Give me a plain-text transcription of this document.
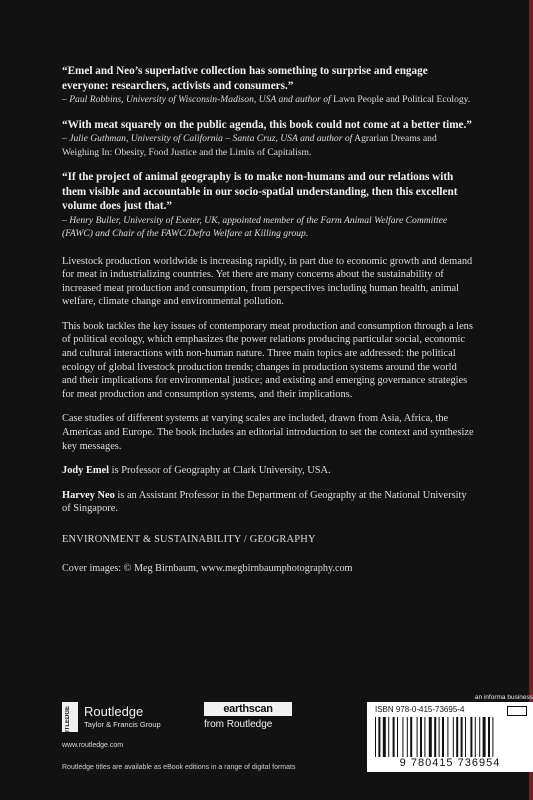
“Emel and Neo’s superlative collection has something to surprise and engage everyone: researchers, activists and consumers.”
– Paul Robbins, University of Wisconsin-Madison, USA and author of Lawn People and Political Ecology.
“With meat squarely on the public agenda, this book could not come at a better time.”
– Julie Guthman, University of California – Santa Cruz, USA and author of Agrarian Dreams and Weighing In: Obesity, Food Justice and the Limits of Capitalism.
“If the project of animal geography is to make non-humans and our relations with them visible and accountable in our socio-spatial understanding, then this excellent volume does just that.”
– Henry Buller, University of Exeter, UK, appointed member of the Farm Animal Welfare Committee (FAWC) and Chair of the FAWC/Defra Welfare at Killing group.

Livestock production worldwide is increasing rapidly, in part due to economic growth and demand for meat in industrializing countries. Yet there are many concerns about the sustainability of increased meat production and consumption, from perspectives including human health, animal welfare, climate change and environmental pollution.

This book tackles the key issues of contemporary meat production and consumption through a lens of political ecology, which emphasizes the power relations producing particular social, economic and cultural interactions with non-human nature. Three main topics are addressed: the political ecology of global livestock production trends; changes in production systems around the world and their implications for environmental justice; and existing and emerging governance strategies for meat production and consumption systems, and their implications.

Case studies of different systems at varying scales are included, drawn from Asia, Africa, the Americas and Europe. The book includes an editorial introduction to set the context and synthesize key messages.

Jody Emel is Professor of Geography at Clark University, USA.
Harvey Neo is an Assistant Professor in the Department of Geography at the National University of Singapore.
ENVIRONMENT & SUSTAINABILITY / GEOGRAPHY
Cover images: © Meg Birnbaum, www.megbirnbaumphotography.com
ROUTLEDGE Routledge
Taylor & Francis Group
www.routledge.com
earthscan
from Routledge
an informa business
ISBN 978-0-415-73695-4
9 780415 736954
Routledge titles are available as eBook editions in a range of digital formats
